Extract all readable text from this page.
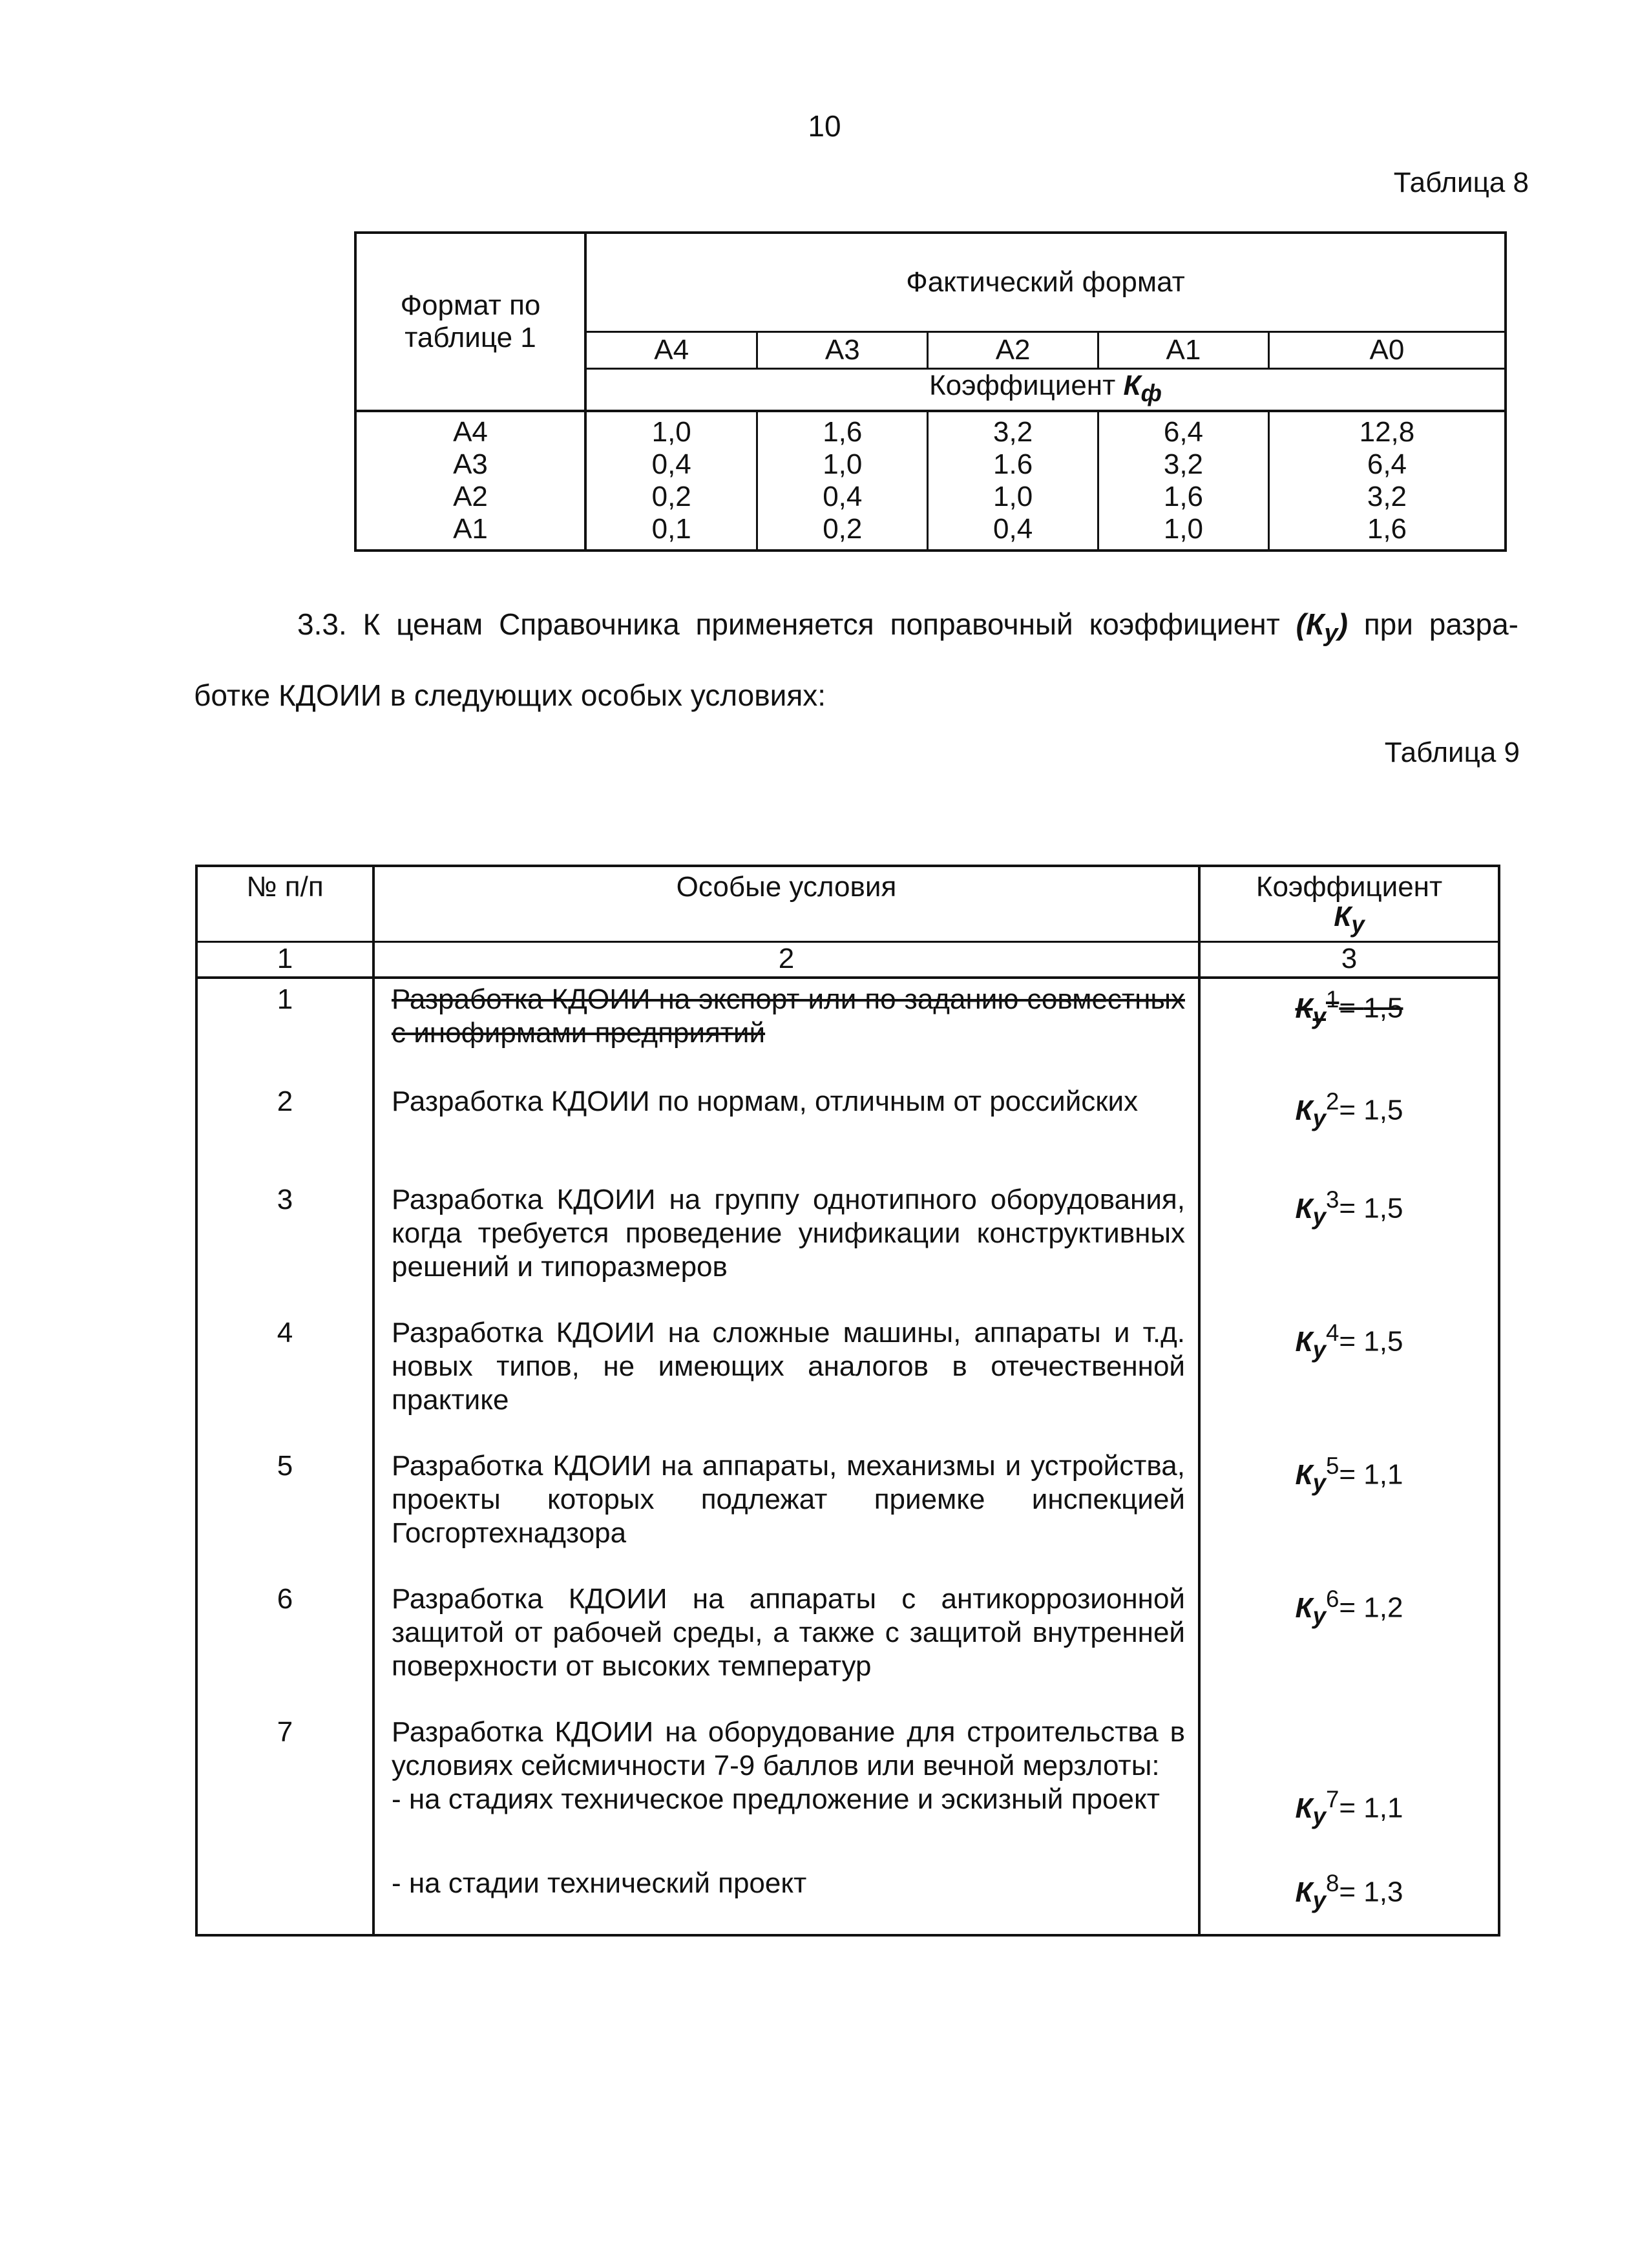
10
Таблица 8
Формат по таблице 1	Фактический формат				
	А4	А3	А2	А1	А0
	Коэффициент $К_ф$
А4	1,0	1,6	3,2	6,4	12,8
А3	0,4	1,0	1.6	3,2	6,4
А2	0,2	0,4	1,0	1,6	3,2
А1	0,1	0,2	0,4	1,0	1,6
3.3. К ценам Справочника применяется поправочный коэффициент $(К_у)$ при разра-
ботке КДОИИ в следующих особых условиях:
Таблица 9
№ п/п	Особые условия	Коэффициент
$К_у$
1	2	3
1	Разработка КДОИИ на экспорт или по заданию совместных с инофирмами предприятий	$К_у^1= 1,5$
2	Разработка КДОИИ по нормам, отличным от российских	$К_у^2= 1,5$
3	Разработка КДОИИ на группу однотипного оборудования, когда требуется проведение унификации конструктивных решений и типоразмеров	$К_у^3= 1,5$
4	Разработка КДОИИ на сложные машины, аппараты и т.д. новых типов, не имеющих аналогов в отечественной практике	$К_у^4= 1,5$
5	Разработка КДОИИ на аппараты, механизмы и устройства, проекты которых подлежат приемке инспекцией Госгортехнадзора	$К_у^5= 1,1$
6	Разработка КДОИИ на аппараты с антикоррозионной защитой от рабочей среды, а также с защитой внутренней поверхности от высоких температур	$К_у^6= 1,2$
7	Разработка КДОИИ на оборудование для строительства в условиях сейсмичности 7-9 баллов или вечной мерзлоты:	

	- на стадиях техническое предложение и эскизный проект	$К_у^7= 1,1$

	- на стадии технический проект	$К_у^8= 1,3$
